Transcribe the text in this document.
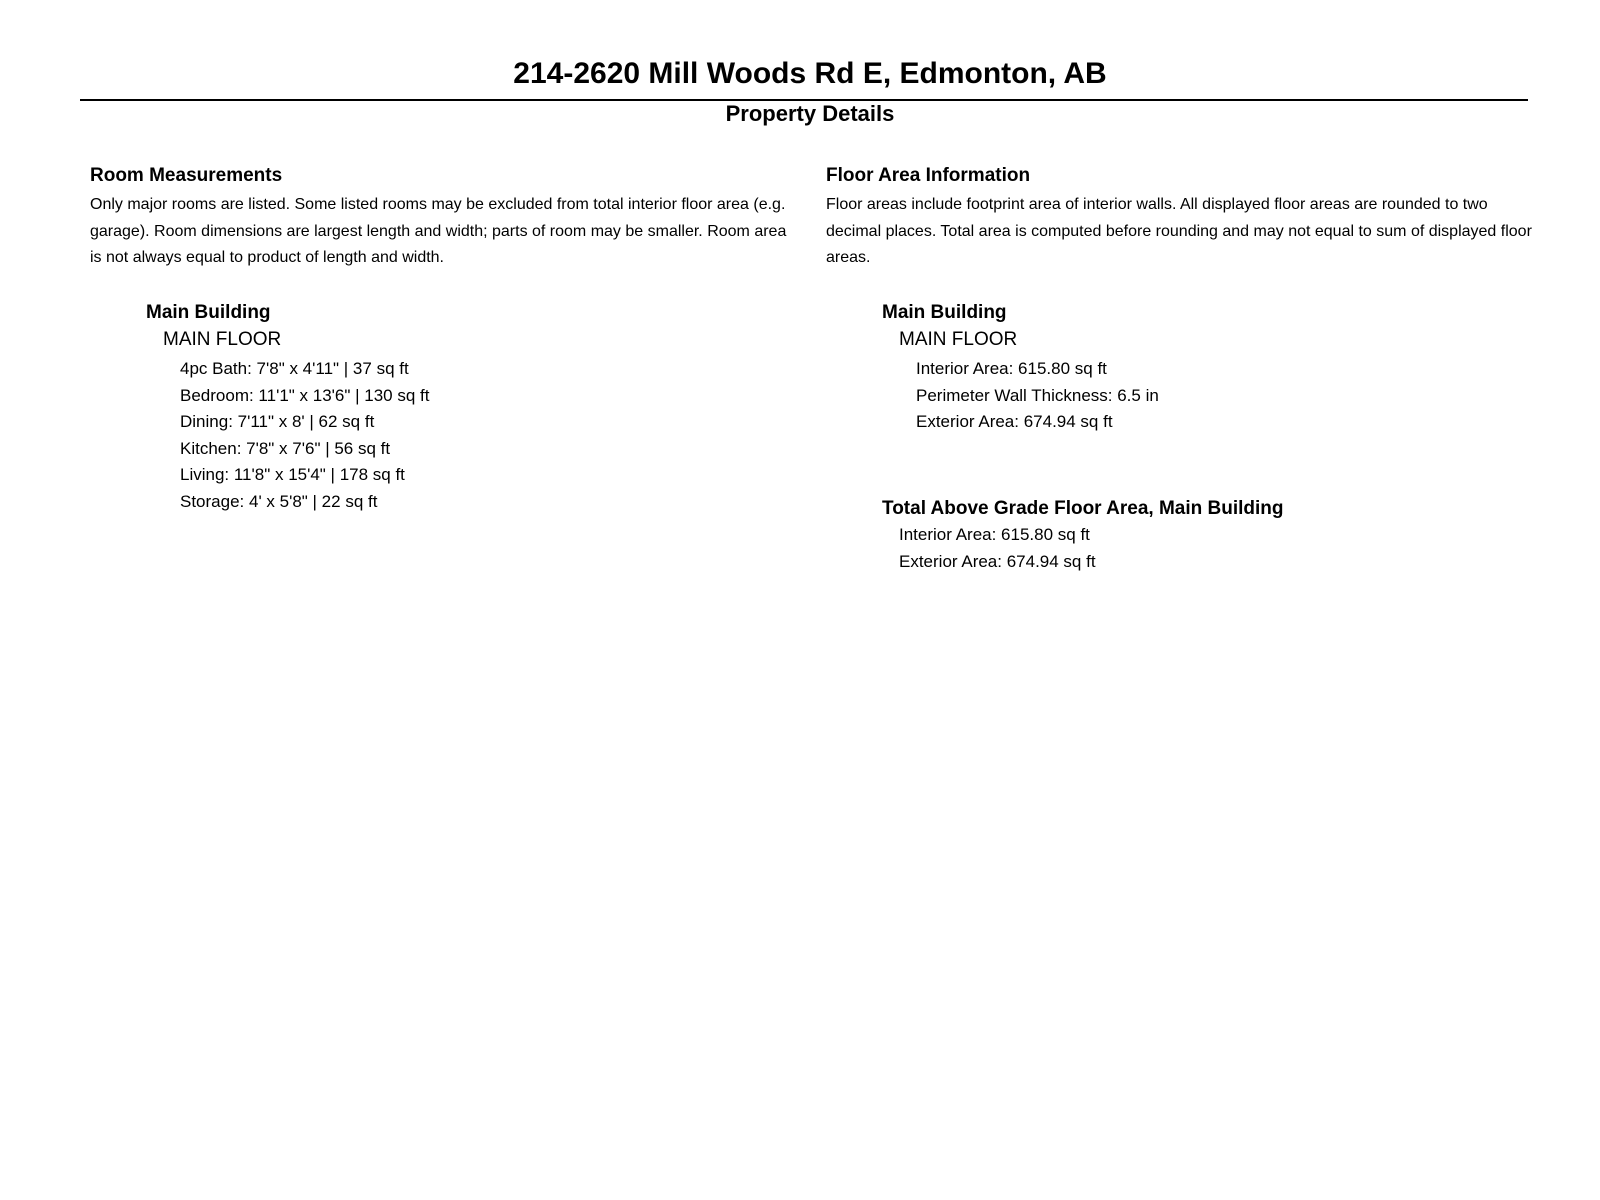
214-2620 Mill Woods Rd E, Edmonton, AB
Property Details
Room Measurements

Only major rooms are listed. Some listed rooms may be excluded from total interior floor area (e.g. garage). Room dimensions are largest length and width; parts of room may be smaller. Room area is not always equal to product of length and width.

Main Building
MAIN FLOOR
4pc Bath: 7'8" x 4'11" | 37 sq ft
Bedroom: 11'1" x 13'6" | 130 sq ft
Dining: 7'11" x 8' | 62 sq ft
Kitchen: 7'8" x 7'6" | 56 sq ft
Living: 11'8" x 15'4" | 178 sq ft
Storage: 4' x 5'8" | 22 sq ft
Floor Area Information

Floor areas include footprint area of interior walls. All displayed floor areas are rounded to two decimal places. Total area is computed before rounding and may not equal to sum of displayed floor areas.

Main Building
MAIN FLOOR
Interior Area: 615.80 sq ft
Perimeter Wall Thickness: 6.5 in
Exterior Area: 674.94 sq ft
Total Above Grade Floor Area, Main Building
Interior Area: 615.80 sq ft
Exterior Area: 674.94 sq ft
